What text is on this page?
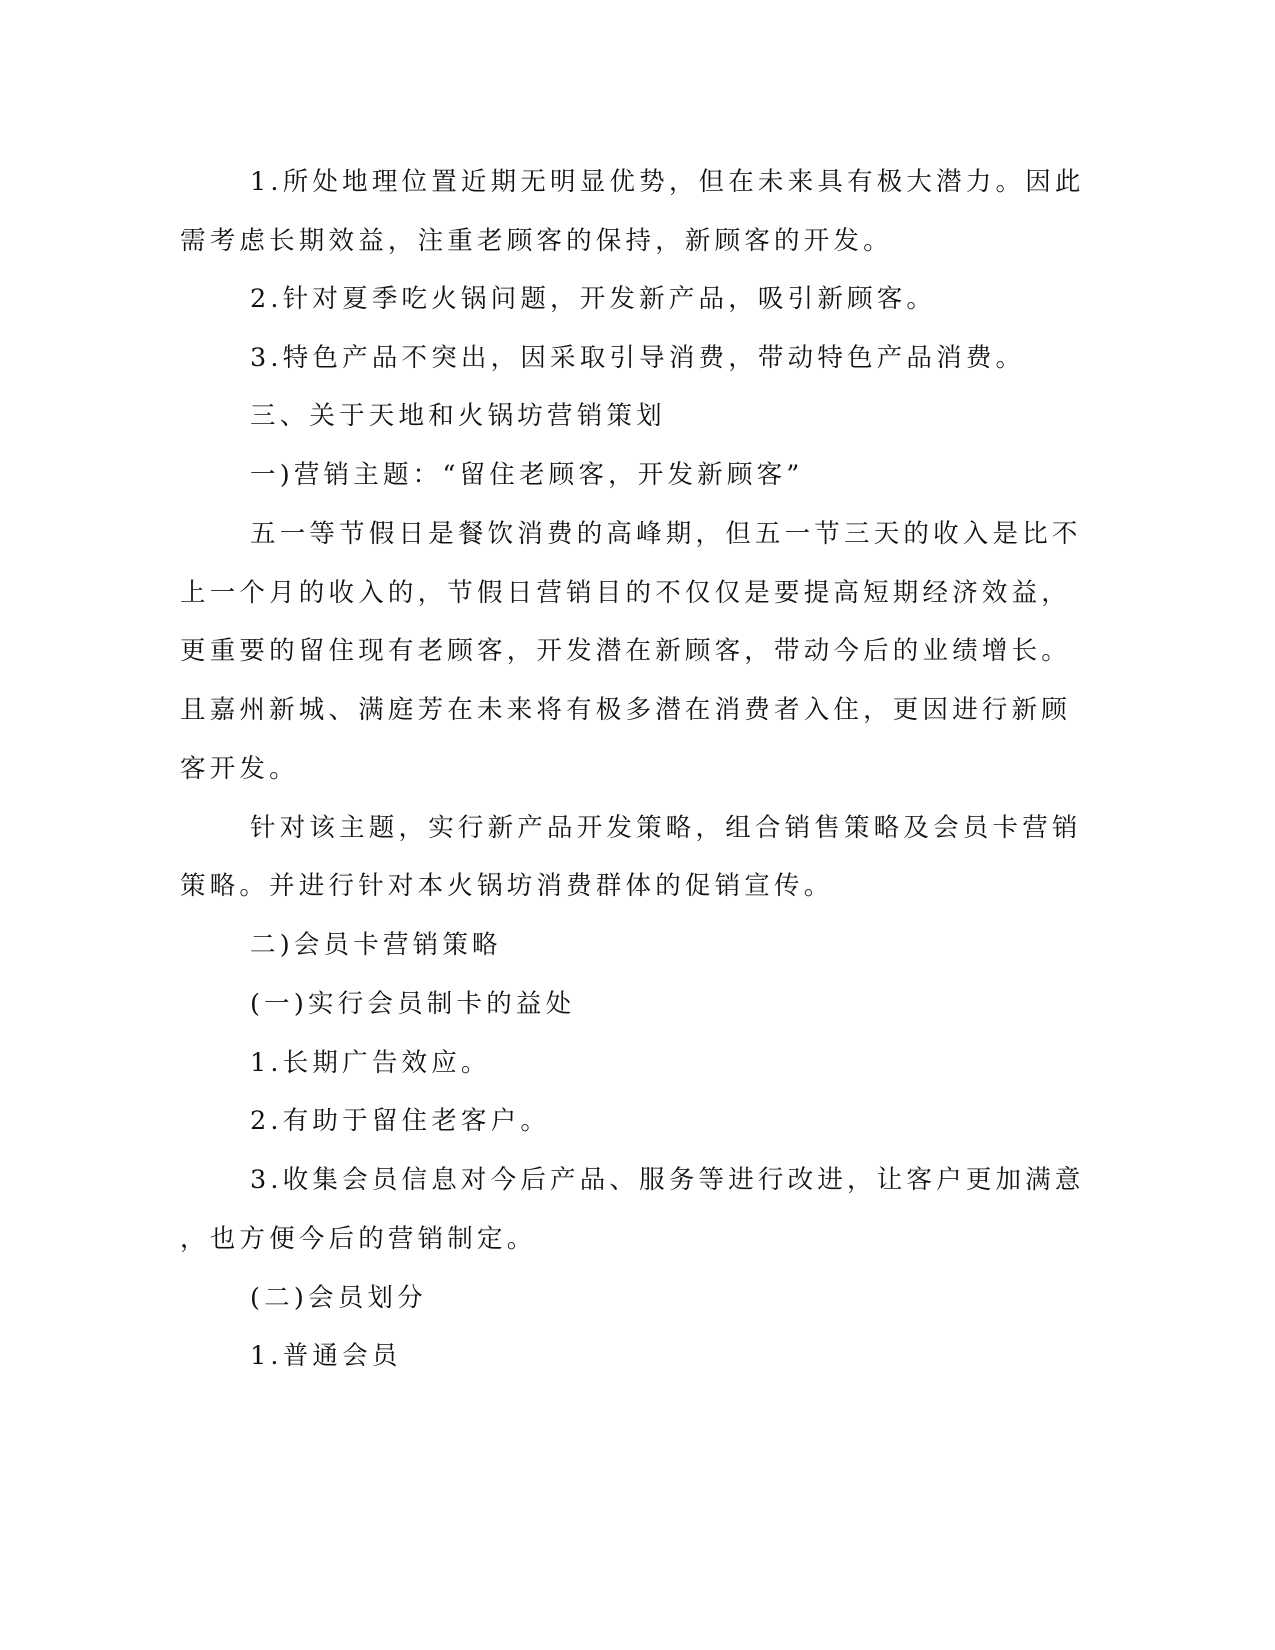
1.所处地理位置近期无明显优势，但在未来具有极大潜力。因此

需考虑长期效益，注重老顾客的保持，新顾客的开发。

2.针对夏季吃火锅问题，开发新产品，吸引新顾客。

3.特色产品不突出，因采取引导消费，带动特色产品消费。

三、关于天地和火锅坊营销策划

一)营销主题：“留住老顾客，开发新顾客”

五一等节假日是餐饮消费的高峰期，但五一节三天的收入是比不

上一个月的收入的，节假日营销目的不仅仅是要提高短期经济效益，

更重要的留住现有老顾客，开发潜在新顾客，带动今后的业绩增长。

且嘉州新城、满庭芳在未来将有极多潜在消费者入住，更因进行新顾

客开发。

针对该主题，实行新产品开发策略，组合销售策略及会员卡营销

策略。并进行针对本火锅坊消费群体的促销宣传。

二)会员卡营销策略

(一)实行会员制卡的益处

1.长期广告效应。

2.有助于留住老客户。

3.收集会员信息对今后产品、服务等进行改进，让客户更加满意

，也方便今后的营销制定。

(二)会员划分

1.普通会员
